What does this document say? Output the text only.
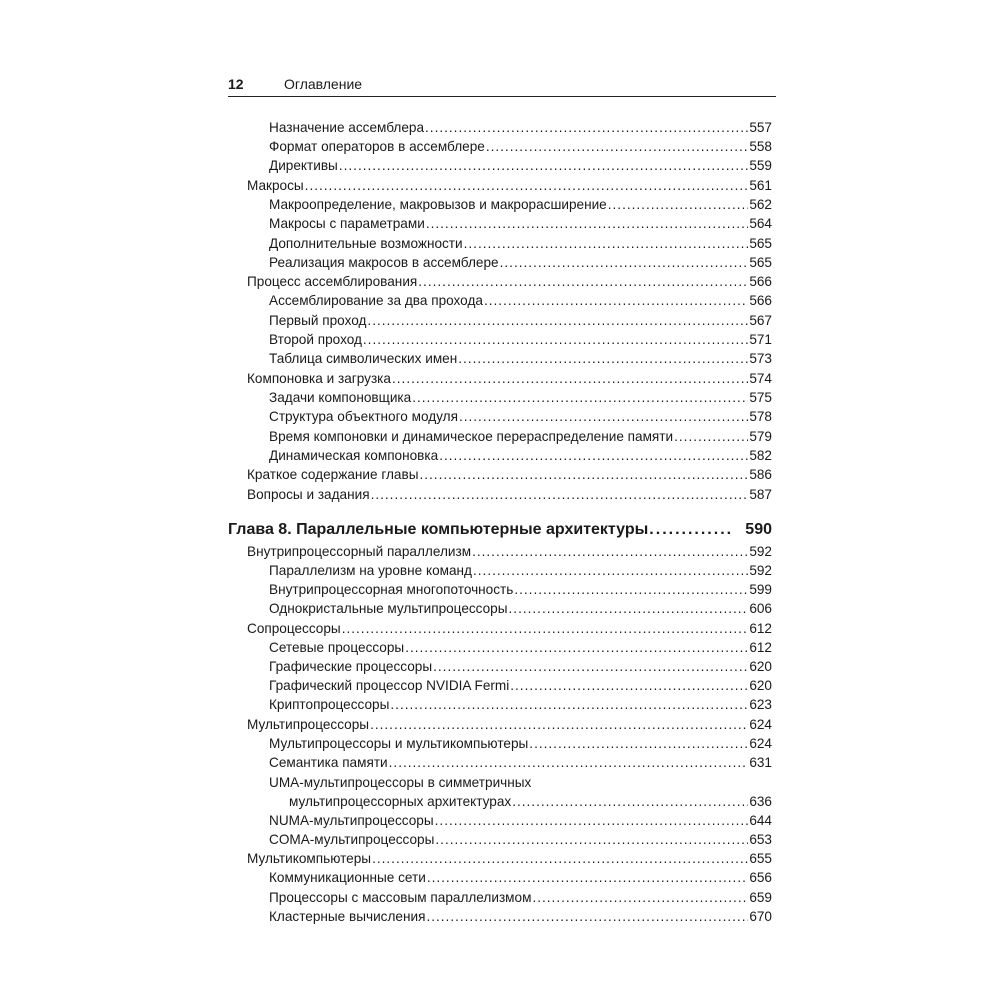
12	Оглавление
Назначение ассемблера .....	557
Формат операторов в ассемблере .....	558
Директивы .....	559
Макросы .....	561
Макроопределение, макровызов и макрорасширение .....	562
Макросы с параметрами .....	564
Дополнительные возможности .....	565
Реализация макросов в ассемблере .....	565
Процесс ассемблирования .....	566
Ассемблирование за два прохода .....	566
Первый проход .....	567
Второй проход .....	571
Таблица символических имен .....	573
Компоновка и загрузка .....	574
Задачи компоновщика .....	575
Структура объектного модуля .....	578
Время компоновки и динамическое перераспределение памяти .....	579
Динамическая компоновка .....	582
Краткое содержание главы .....	586
Вопросы и задания .....	587
Глава 8. Параллельные компьютерные архитектуры .....	590
Внутрипроцессорный параллелизм .....	592
Параллелизм на уровне команд .....	592
Внутрипроцессорная многопоточность .....	599
Однокристальные мультипроцессоры .....	606
Сопроцессоры .....	612
Сетевые процессоры .....	612
Графические процессоры .....	620
Графический процессор NVIDIA Fermi .....	620
Криптопроцессоры .....	623
Мультипроцессоры .....	624
Мультипроцессоры и мультикомпьютеры .....	624
Семантика памяти .....	631
UMA-мультипроцессоры в симметричных
мультипроцессорных архитектурах .....	636
NUMA-мультипроцессоры .....	644
COMA-мультипроцессоры .....	653
Мультикомпьютеры .....	655
Коммуникационные сети .....	656
Процессоры с массовым параллелизмом .....	659
Кластерные вычисления .....	670
